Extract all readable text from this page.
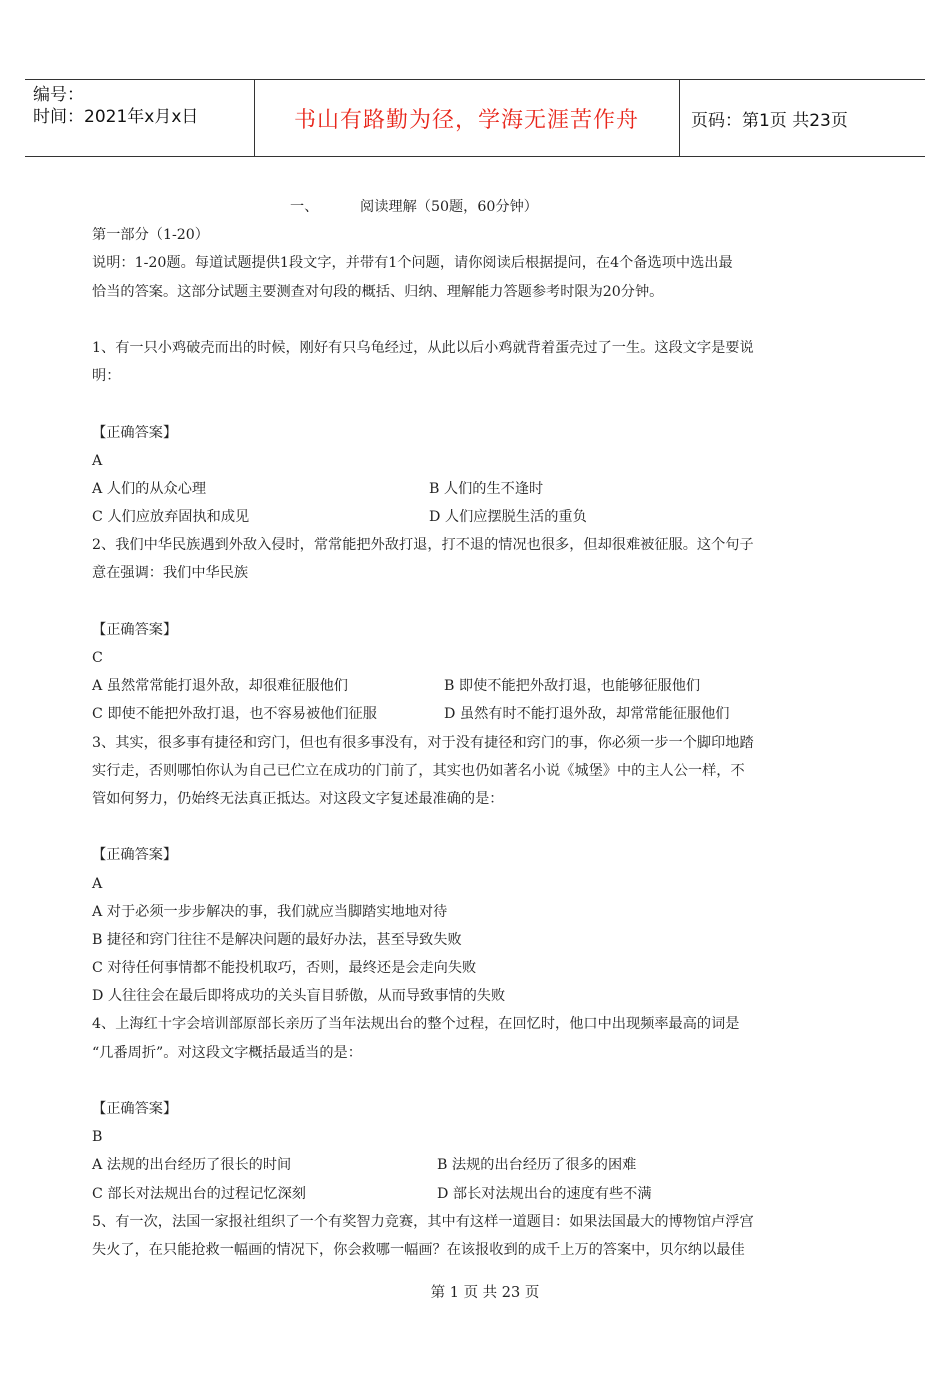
编号：
时间：2021年x月x日	书山有路勤为径，学海无涯苦作舟	页码：第1页 共23页
一、	阅读理解（50题，60分钟）
第一部分（1-20）
说明：1-20题。每道试题提供1段文字，并带有1个问题，请你阅读后根据提问，在4个备选项中选出最
恰当的答案。这部分试题主要测查对句段的概括、归纳、理解能力答题参考时限为20分钟。
1、有一只小鸡破壳而出的时候，刚好有只乌龟经过，从此以后小鸡就背着蛋壳过了一生。这段文字是要说
明：
【正确答案】
A
A 人们的从众心理	B 人们的生不逢时
C 人们应放弃固执和成见	D 人们应摆脱生活的重负
2、我们中华民族遇到外敌入侵时，常常能把外敌打退，打不退的情况也很多，但却很难被征服。这个句子
意在强调：我们中华民族
【正确答案】
C
A 虽然常常能打退外敌，却很难征服他们	B 即使不能把外敌打退，也能够征服他们
C 即使不能把外敌打退，也不容易被他们征服	D 虽然有时不能打退外敌，却常常能征服他们
3、其实，很多事有捷径和窍门，但也有很多事没有，对于没有捷径和窍门的事，你必须一步一个脚印地踏
实行走，否则哪怕你认为自己已伫立在成功的门前了，其实也仍如著名小说《城堡》中的主人公一样，不
管如何努力，仍始终无法真正抵达。对这段文字复述最准确的是：
【正确答案】
A
A 对于必须一步步解决的事，我们就应当脚踏实地地对待
B 捷径和窍门往往不是解决问题的最好办法，甚至导致失败
C 对待任何事情都不能投机取巧，否则，最终还是会走向失败
D 人往往会在最后即将成功的关头盲目骄傲，从而导致事情的失败
4、上海红十字会培训部原部长亲历了当年法规出台的整个过程，在回忆时，他口中出现频率最高的词是
“几番周折”。对这段文字概括最适当的是：
【正确答案】
B
A 法规的出台经历了很长的时间	B 法规的出台经历了很多的困难
C 部长对法规出台的过程记忆深刻	D 部长对法规出台的速度有些不满
5、有一次，法国一家报社组织了一个有奖智力竞赛，其中有这样一道题目：如果法国最大的博物馆卢浮宫
失火了，在只能抢救一幅画的情况下，你会救哪一幅画？在该报收到的成千上万的答案中，贝尔纳以最佳
第 1 页 共 23 页
